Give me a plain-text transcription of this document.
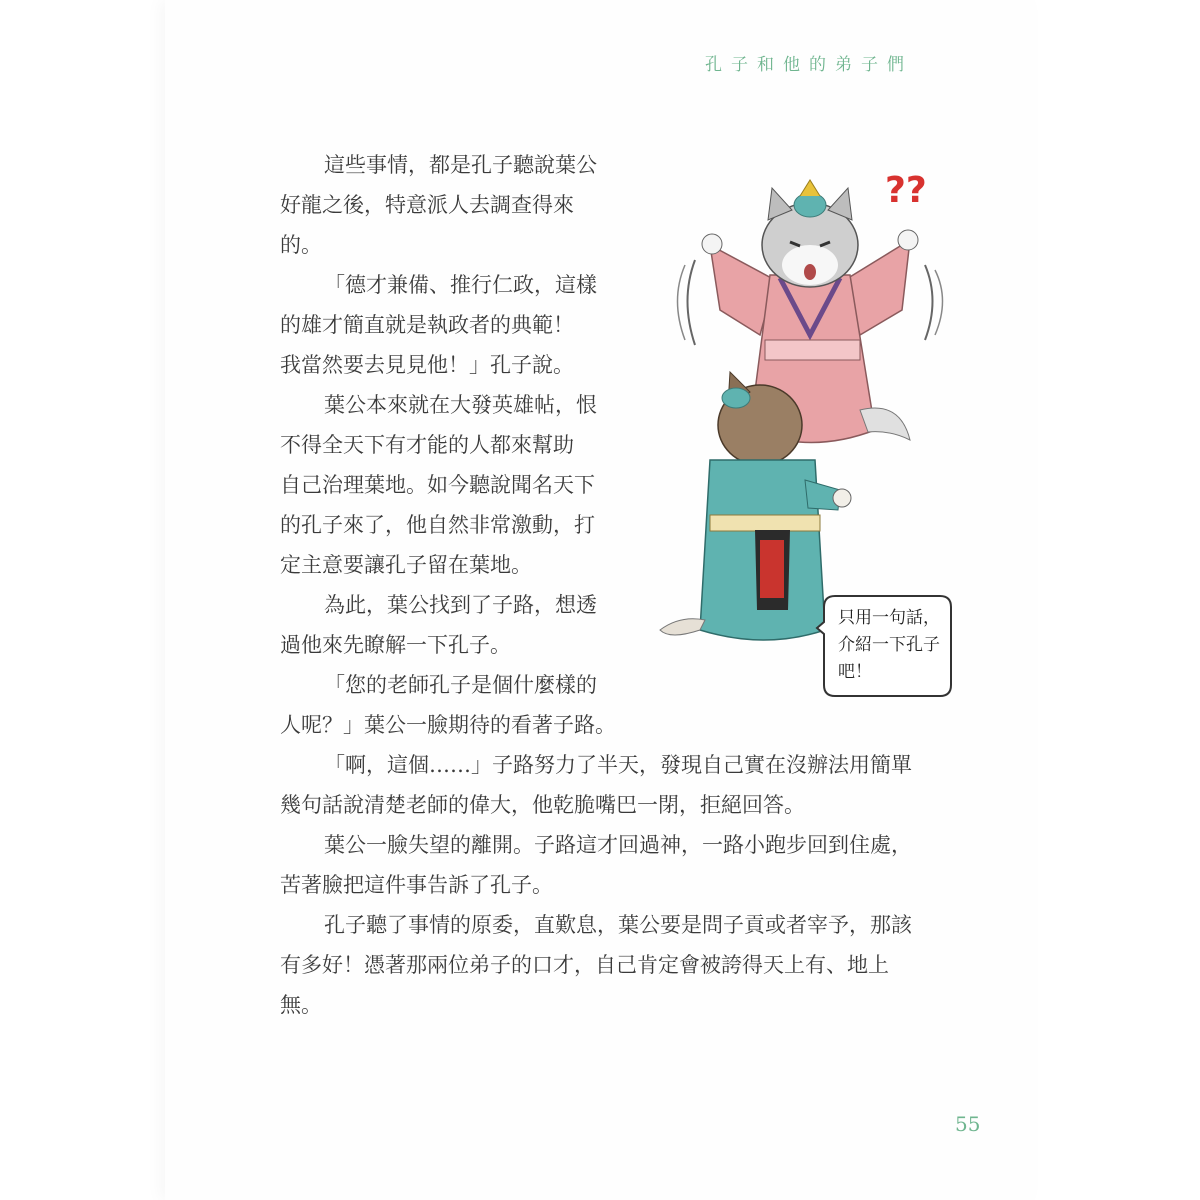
孔子和他的弟子們

這些事情，都是孔子聽說葉公
好龍之後，特意派人去調查得來
的。

「德才兼備、推行仁政，這樣
的雄才簡直就是執政者的典範！
我當然要去見見他！」孔子說。

葉公本來就在大發英雄帖，恨
不得全天下有才能的人都來幫助
自己治理葉地。如今聽說聞名天下
的孔子來了，他自然非常激動，打
定主意要讓孔子留在葉地。

為此，葉公找到了子路，想透
過他來先瞭解一下孔子。

「您的老師孔子是個什麼樣的
人呢？」葉公一臉期待的看著子路。

「啊，這個……」子路努力了半天，發現自己實在沒辦法用簡單
幾句話說清楚老師的偉大，他乾脆嘴巴一閉，拒絕回答。

葉公一臉失望的離開。子路這才回過神，一路小跑步回到住處，
苦著臉把這件事告訴了孔子。

孔子聽了事情的原委，直歎息，葉公要是問子貢或者宰予，那該
有多好！憑著那兩位弟子的口才，自己肯定會被誇得天上有、地上
無。

??
只用一句話，
介紹一下孔子
吧！
55
